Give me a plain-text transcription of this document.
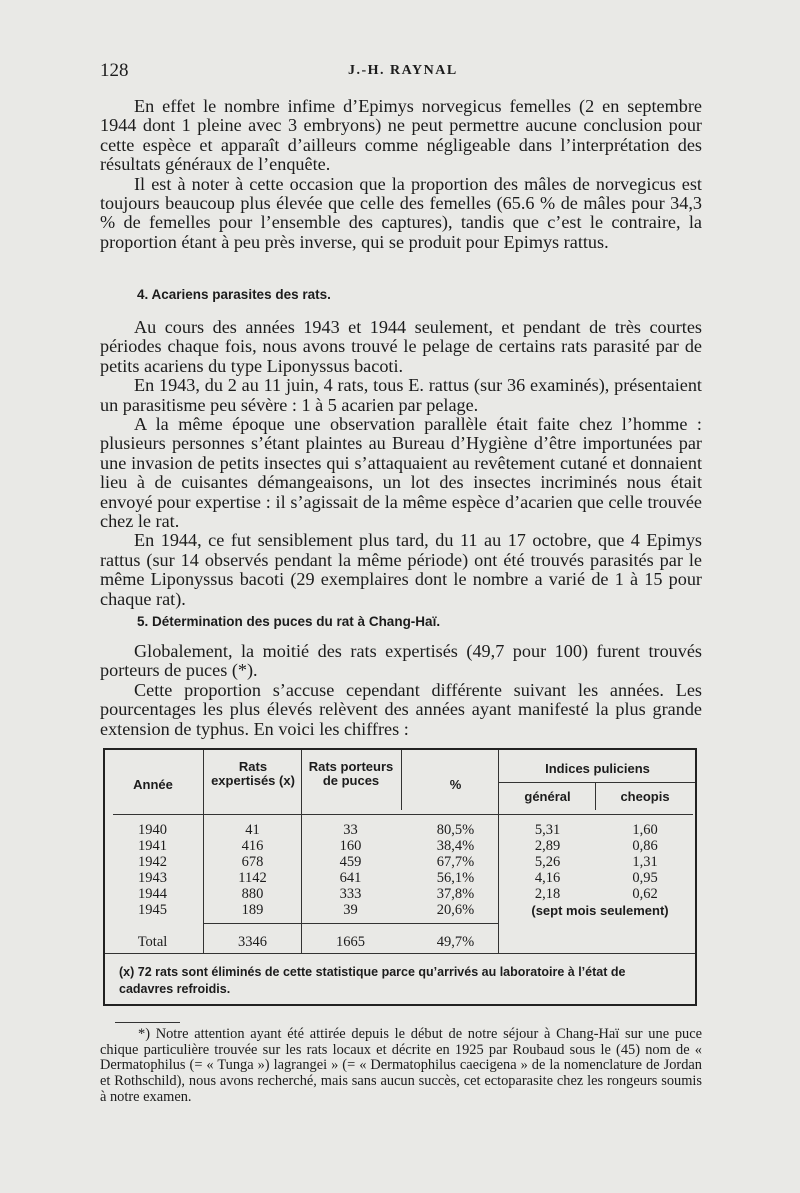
128	J.-H. RAYNAL

En effet le nombre infime d’Epimys norvegicus femelles (2 en septembre 1944 dont 1 pleine avec 3 embryons) ne peut permettre aucune conclusion pour cette espèce et apparaît d’ailleurs comme négligeable dans l’interprétation des résultats généraux de l’enquête.

Il est à noter à cette occasion que la proportion des mâles de norvegicus est toujours beaucoup plus élevée que celle des femelles (65.6 % de mâles pour 34,3 % de femelles pour l’ensemble des captures), tandis que c’est le contraire, la proportion étant à peu près inverse, qui se produit pour Epimys rattus.

4. Acariens parasites des rats.

Au cours des années 1943 et 1944 seulement, et pendant de très courtes périodes chaque fois, nous avons trouvé le pelage de certains rats parasité par de petits acariens du type Liponyssus bacoti.

En 1943, du 2 au 11 juin, 4 rats, tous E. rattus (sur 36 examinés), présentaient un parasitisme peu sévère : 1 à 5 acarien par pelage.

A la même époque une observation parallèle était faite chez l’homme : plusieurs personnes s’étant plaintes au Bureau d’Hygiène d’être importunées par une invasion de petits insectes qui s’attaquaient au revêtement cutané et donnaient lieu à de cuisantes démangeaisons, un lot des insectes incriminés nous était envoyé pour expertise : il s’agissait de la même espèce d’acarien que celle trouvée chez le rat.

En 1944, ce fut sensiblement plus tard, du 11 au 17 octobre, que 4 Epimys rattus (sur 14 observés pendant la même période) ont été trouvés parasités par le même Liponyssus bacoti (29 exemplaires dont le nombre a varié de 1 à 15 pour chaque rat).

5. Détermination des puces du rat à Chang-Haï.

Globalement, la moitié des rats expertisés (49,7 pour 100) furent trouvés porteurs de puces (*).

Cette proportion s’accuse cependant différente suivant les années. Les pourcentages les plus élevés relèvent des années ayant manifesté la plus grande extension de typhus. En voici les chiffres :

Année
Rats expertisés (x)
Rats porteurs de puces	%
Indices puliciens
général	cheopis
1940	41	33	80,5%	5,31	1,60
1941	416	160	38,4%	2,89	0,86
1942	678	459	67,7%	5,26	1,31
1943	1142	641	56,1%	4,16	0,95
1944	880	333	37,8%	2,18	0,62
1945	189	39	20,6%	(sept mois seulement)
Total	3346	1665	49,7%
(x) 72 rats sont éliminés de cette statistique parce qu’arrivés au laboratoire à l’état de cadavres refroidis.

*) Notre attention ayant été attirée depuis le début de notre séjour à Chang-Haï sur une puce chique particulière trouvée sur les rats locaux et décrite en 1925 par Roubaud sous le (45) nom de « Dermatophilus (= « Tunga ») lagrangei » (= « Dermatophilus caecigena » de la nomenclature de Jordan et Rothschild), nous avons recherché, mais sans aucun succès, cet ectoparasite chez les rongeurs soumis à notre examen.
